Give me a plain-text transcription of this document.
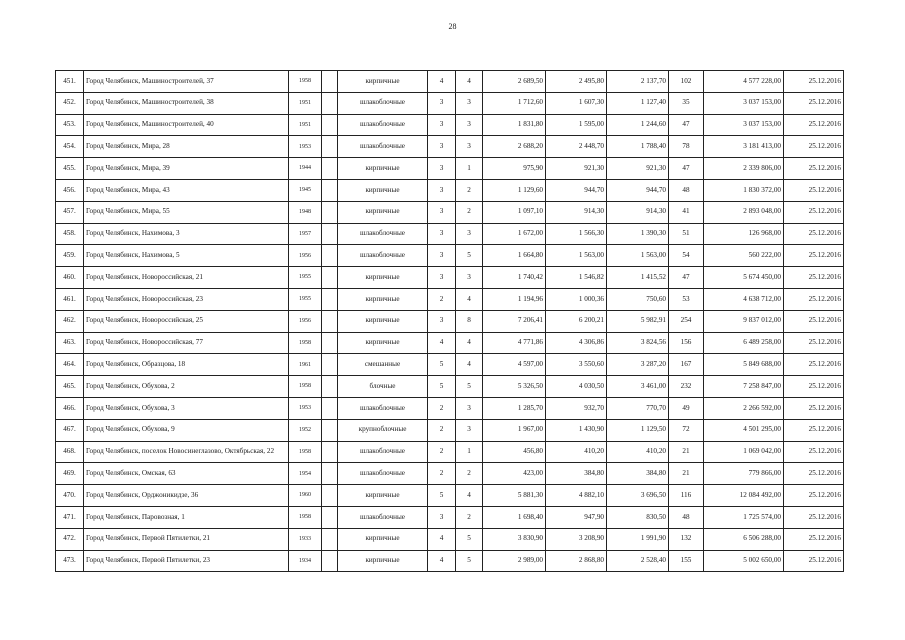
28
451.	Город Челябинск, Машиностроителей, 37	1958		кирпичные	4	4	2 689,50	2 495,80	2 137,70	102	4 577 228,00	25.12.2016
452.	Город Челябинск, Машиностроителей, 38	1951		шлакоблочные	3	3	1 712,60	1 607,30	1 127,40	35	3 037 153,00	25.12.2016
453.	Город Челябинск, Машиностроителей, 40	1951		шлакоблочные	3	3	1 831,80	1 595,00	1 244,60	47	3 037 153,00	25.12.2016
454.	Город Челябинск, Мира, 28	1953		шлакоблочные	3	3	2 688,20	2 448,70	1 788,40	78	3 181 413,00	25.12.2016
455.	Город Челябинск, Мира, 39	1944		кирпичные	3	1	975,90	921,30	921,30	47	2 339 806,00	25.12.2016
456.	Город Челябинск, Мира, 43	1945		кирпичные	3	2	1 129,60	944,70	944,70	48	1 830 372,00	25.12.2016
457.	Город Челябинск, Мира, 55	1948		кирпичные	3	2	1 097,10	914,30	914,30	41	2 893 048,00	25.12.2016
458.	Город Челябинск, Нахимова, 3	1957		шлакоблочные	3	3	1 672,00	1 566,30	1 390,30	51	126 968,00	25.12.2016
459.	Город Челябинск, Нахимова, 5	1956		шлакоблочные	3	5	1 664,80	1 563,00	1 563,00	54	560 222,00	25.12.2016
460.	Город Челябинск, Новороссийская, 21	1955		кирпичные	3	3	1 740,42	1 546,82	1 415,52	47	5 674 450,00	25.12.2016
461.	Город Челябинск, Новороссийская, 23	1955		кирпичные	2	4	1 194,96	1 000,36	750,60	53	4 638 712,00	25.12.2016
462.	Город Челябинск, Новороссийская, 25	1956		кирпичные	3	8	7 206,41	6 200,21	5 982,91	254	9 837 012,00	25.12.2016
463.	Город Челябинск, Новороссийская, 77	1958		кирпичные	4	4	4 771,86	4 306,86	3 824,56	156	6 489 258,00	25.12.2016
464.	Город Челябинск, Образцова, 18	1961		смешанные	5	4	4 597,00	3 550,60	3 287,20	167	5 849 688,00	25.12.2016
465.	Город Челябинск, Обухова, 2	1958		блочные	5	5	5 326,50	4 030,50	3 461,00	232	7 258 847,00	25.12.2016
466.	Город Челябинск, Обухова, 3	1953		шлакоблочные	2	3	1 285,70	932,70	770,70	49	2 266 592,00	25.12.2016
467.	Город Челябинск, Обухова, 9	1952		крупноблочные	2	3	1 967,00	1 430,90	1 129,50	72	4 501 295,00	25.12.2016
468.	Город Челябинск, поселок Новосинеглазово, Октябрьская, 22	1958		шлакоблочные	2	1	456,80	410,20	410,20	21	1 069 042,00	25.12.2016
469.	Город Челябинск, Омская, 63	1954		шлакоблочные	2	2	423,00	384,80	384,80	21	779 866,00	25.12.2016
470.	Город Челябинск, Орджоникидзе, 36	1960		кирпичные	5	4	5 881,30	4 882,10	3 696,50	116	12 084 492,00	25.12.2016
471.	Город Челябинск, Паровозная, 1	1958		шлакоблочные	3	2	1 698,40	947,90	830,50	48	1 725 574,00	25.12.2016
472.	Город Челябинск, Первой Пятилетки, 21	1933		кирпичные	4	5	3 830,90	3 208,90	1 991,90	132	6 506 288,00	25.12.2016
473.	Город Челябинск, Первой Пятилетки, 23	1934		кирпичные	4	5	2 989,00	2 868,80	2 528,40	155	5 002 650,00	25.12.2016
